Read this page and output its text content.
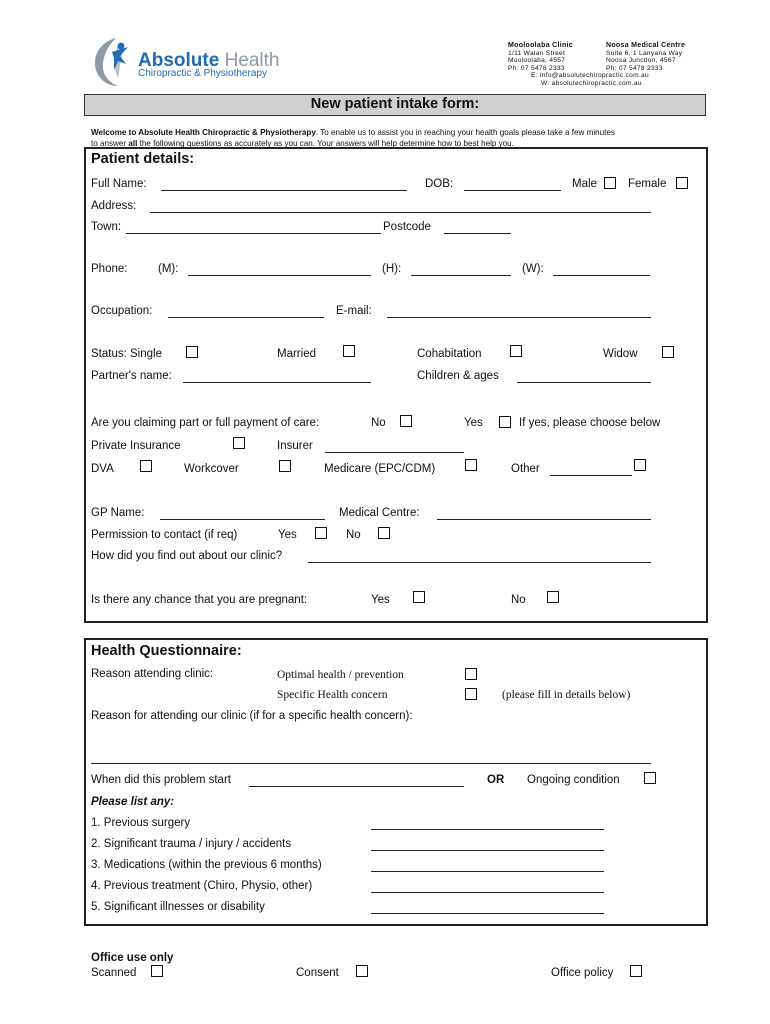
Absolute Health
Chiropractic & Physiotherapy
Mooloolaba Clinic
1/11 Walan Street
Mooloolaba, 4557
Ph: 07 5478 2333
Noosa Medical Centre
Suite 6, 1 Lanyana Way
Noosa Junction, 4567
Ph: 07 5478 2333
E: info@absolutechiropractic.com.au
W: absolutechiropractic.com.au
New patient intake form:
Welcome to Absolute Health Chiropractic & Physiotherapy. To enable us to assist you in reaching your health goals please take a few minutes
to answer all the following questions as accurately as you can. Your answers will help determine how to best help you.
Patient details:
Full Name:	DOB:	Male	Female
Address:
Town:	Postcode
Phone:	(M):	(H):	(W):
Occupation:	E-mail:
Status: Single	Married	Cohabitation	Widow
Partner's name:	Children & ages
Are you claiming part or full payment of care:	No	Yes	If yes, please choose below
Private Insurance	Insurer
DVA	Workcover	Medicare (EPC/CDM)	Other
GP Name:	Medical Centre:
Permission to contact (if req)	Yes	No
How did you find out about our clinic?
Is there any chance that you are pregnant:	Yes	No
Health Questionnaire:
Reason attending clinic:	Optimal health / prevention
Specific Health concern	(please fill in details below)
Reason for attending our clinic (if for a specific health concern):
When did this problem start	OR Ongoing condition
Please list any:
1. Previous surgery
2. Significant trauma / injury / accidents
3. Medications (within the previous 6 months)
4. Previous treatment (Chiro, Physio, other)
5. Significant illnesses or disability
Office use only
Scanned	Consent	Office policy
